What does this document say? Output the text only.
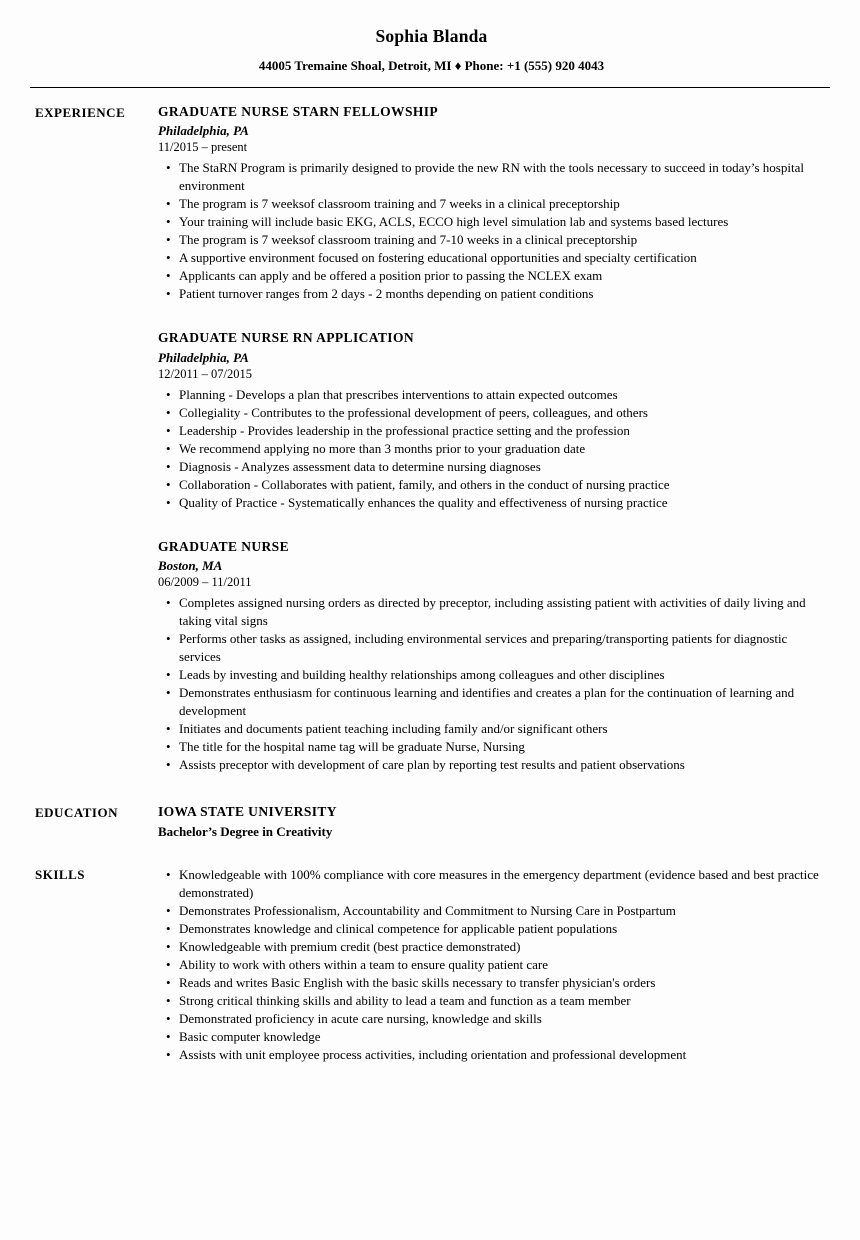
Sophia Blanda
44005 Tremaine Shoal, Detroit, MI ♦ Phone: +1 (555) 920 4043
EXPERIENCE	GRADUATE NURSE STARN FELLOWSHIP
Philadelphia, PA
11/2015 – present
• The StaRN Program is primarily designed to provide the new RN with the tools necessary to succeed in today’s hospital environment
• The program is 7 weeksof classroom training and 7 weeks in a clinical preceptorship
• Your training will include basic EKG, ACLS, ECCO high level simulation lab and systems based lectures
• The program is 7 weeksof classroom training and 7-10 weeks in a clinical preceptorship
• A supportive environment focused on fostering educational opportunities and specialty certification
• Applicants can apply and be offered a position prior to passing the NCLEX exam
• Patient turnover ranges from 2 days - 2 months depending on patient conditions
GRADUATE NURSE RN APPLICATION
Philadelphia, PA
12/2011 – 07/2015
• Planning - Develops a plan that prescribes interventions to attain expected outcomes
• Collegiality - Contributes to the professional development of peers, colleagues, and others
• Leadership - Provides leadership in the professional practice setting and the profession
• We recommend applying no more than 3 months prior to your graduation date
• Diagnosis - Analyzes assessment data to determine nursing diagnoses
• Collaboration - Collaborates with patient, family, and others in the conduct of nursing practice
• Quality of Practice - Systematically enhances the quality and effectiveness of nursing practice
GRADUATE NURSE
Boston, MA
06/2009 – 11/2011
• Completes assigned nursing orders as directed by preceptor, including assisting patient with activities of daily living and taking vital signs
• Performs other tasks as assigned, including environmental services and preparing/transporting patients for diagnostic services
• Leads by investing and building healthy relationships among colleagues and other disciplines
• Demonstrates enthusiasm for continuous learning and identifies and creates a plan for the continuation of learning and development
• Initiates and documents patient teaching including family and/or significant others
• The title for the hospital name tag will be graduate Nurse, Nursing
• Assists preceptor with development of care plan by reporting test results and patient observations
EDUCATION	IOWA STATE UNIVERSITY
Bachelor’s Degree in Creativity
SKILLS	• Knowledgeable with 100% compliance with core measures in the emergency department (evidence based and best practice demonstrated)
• Demonstrates Professionalism, Accountability and Commitment to Nursing Care in Postpartum
• Demonstrates knowledge and clinical competence for applicable patient populations
• Knowledgeable with premium credit (best practice demonstrated)
• Ability to work with others within a team to ensure quality patient care
• Reads and writes Basic English with the basic skills necessary to transfer physician's orders
• Strong critical thinking skills and ability to lead a team and function as a team member
• Demonstrated proficiency in acute care nursing, knowledge and skills
• Basic computer knowledge
• Assists with unit employee process activities, including orientation and professional development
